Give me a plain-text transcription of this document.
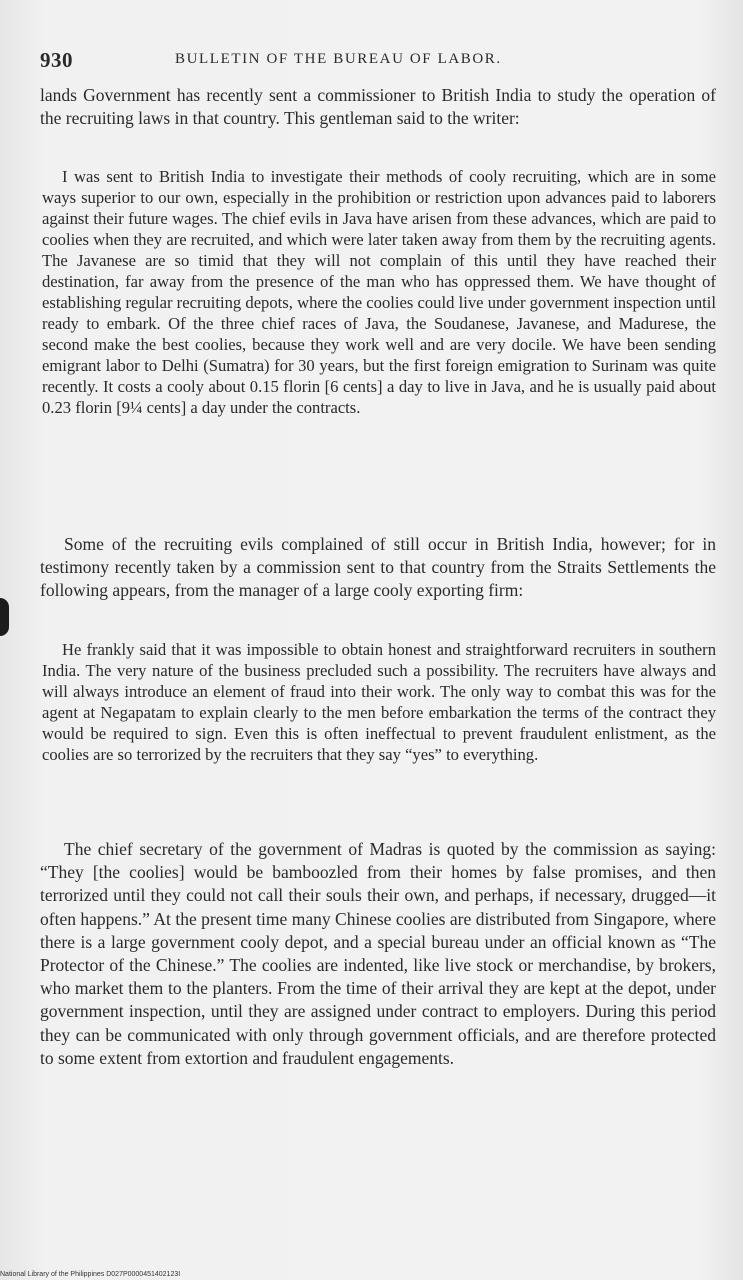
930	BULLETIN OF THE BUREAU OF LABOR.

lands Government has recently sent a commissioner to British India to study the operation of the recruiting laws in that country. This gentleman said to the writer:

I was sent to British India to investigate their methods of cooly recruiting, which are in some ways superior to our own, especially in the prohibition or restriction upon advances paid to laborers against their future wages. The chief evils in Java have arisen from these advances, which are paid to coolies when they are recruited, and which were later taken away from them by the recruiting agents. The Javanese are so timid that they will not complain of this until they have reached their destination, far away from the presence of the man who has oppressed them. We have thought of establishing regular recruiting depots, where the coolies could live under government inspection until ready to embark. Of the three chief races of Java, the Soudanese, Javanese, and Madurese, the second make the best coolies, because they work well and are very docile. We have been sending emigrant labor to Delhi (Sumatra) for 30 years, but the first foreign emigration to Surinam was quite recently. It costs a cooly about 0.15 florin [6 cents] a day to live in Java, and he is usually paid about 0.23 florin [9¼ cents] a day under the contracts.

Some of the recruiting evils complained of still occur in British India, however; for in testimony recently taken by a commission sent to that country from the Straits Settlements the following appears, from the manager of a large cooly exporting firm:

He frankly said that it was impossible to obtain honest and straightforward recruiters in southern India. The very nature of the business precluded such a possibility. The recruiters have always and will always introduce an element of fraud into their work. The only way to combat this was for the agent at Negapatam to explain clearly to the men before embarkation the terms of the contract they would be required to sign. Even this is often ineffectual to prevent fraudulent enlistment, as the coolies are so terrorized by the recruiters that they say “yes” to everything.

The chief secretary of the government of Madras is quoted by the commission as saying: “They [the coolies] would be bamboozled from their homes by false promises, and then terrorized until they could not call their souls their own, and perhaps, if necessary, drugged—it often happens.” At the present time many Chinese coolies are distributed from Singapore, where there is a large government cooly depot, and a special bureau under an official known as “The Protector of the Chinese.” The coolies are indented, like live stock or merchandise, by brokers, who market them to the planters. From the time of their arrival they are kept at the depot, under government inspection, until they are assigned under contract to employers. During this period they can be communicated with only through government officials, and are therefore protected to some extent from extortion and fraudulent engagements.

National Library of the Philippines D027P0000451402123I
